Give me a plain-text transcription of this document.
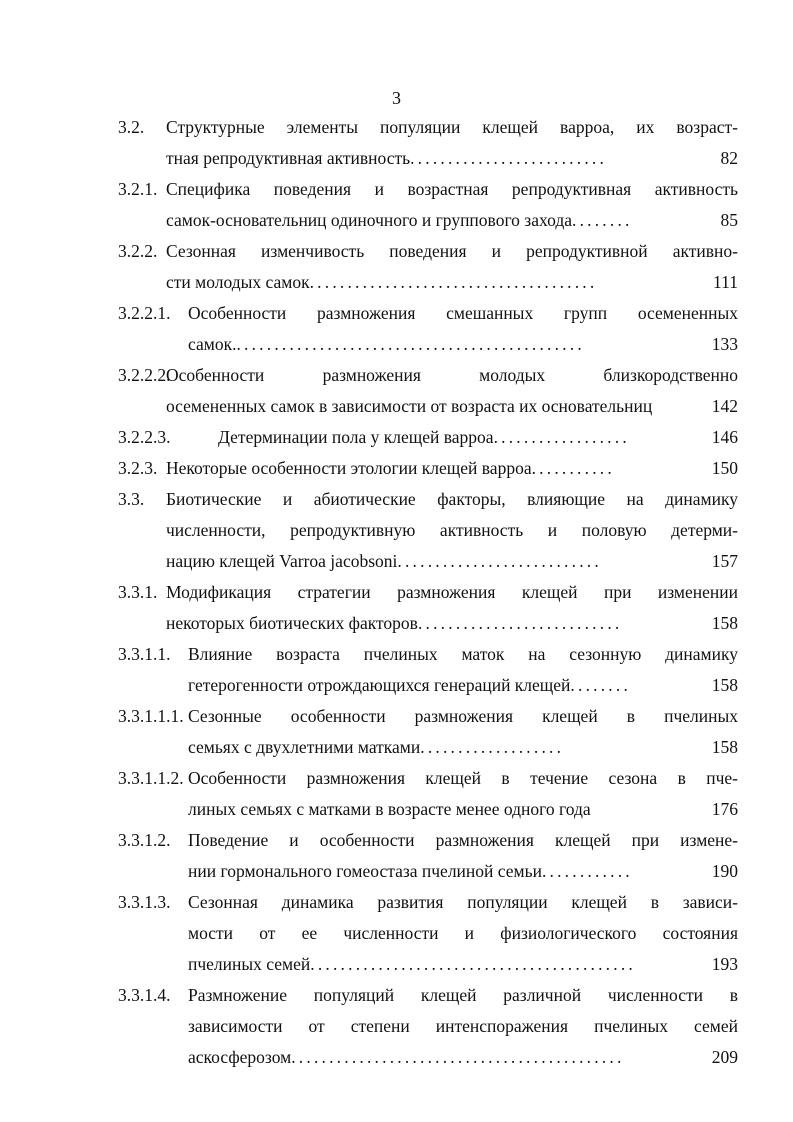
3
3.2. Структурные элементы популяции клещей варроа, их возраст-
тная репродуктивная активность..........................	82
3.2.1. Специфика поведения и возрастная репродуктивная активность
самок-основательниц одиночного и группового захода........	85
3.2.2. Сезонная изменчивость поведения и репродуктивной активно-
сти молодых самок......................................	111
3.2.2.1. Особенности размножения смешанных групп осемененных
самок...............................................	133
3.2.2.2.
Особенности размножения молодых близкородственно
осемененных самок в зависимости от возраста их основательниц	142
3.2.2.3.	Детерминации пола у клещей варроа..................	146
3.2.3. Некоторые особенности этологии клещей варроа...........	150
3.3. Биотические и абиотические факторы, влияющие на динамику
численности, репродуктивную активность и половую детерми-
нацию клещей Varroa jacobsoni...........................	157
3.3.1. Модификация стратегии размножения клещей при изменении
некоторых биотических факторов...........................	158
3.3.1.1. Влияние возраста пчелиных маток на сезонную динамику
гетерогенности отрождающихся генераций клещей........	158
3.3.1.1.1. Сезонные особенности размножения клещей в пчелиных
семьях с двухлетними матками...................	158
3.3.1.1.2. Особенности размножения клещей в течение сезона в пче-
линых семьях с матками в возрасте менее одного года	176
3.3.1.2. Поведение и особенности размножения клещей при измене-
нии гормонального гомеостаза пчелиной семьи............	190
3.3.1.3. Сезонная динамика развития популяции клещей в зависи-
мости от ее численности и физиологического состояния
пчелиных семей...........................................	193
3.3.1.4. Размножение популяций клещей различной численности в
зависимости от степени интенспоражения пчелиных семей
аскосферозом............................................	209
